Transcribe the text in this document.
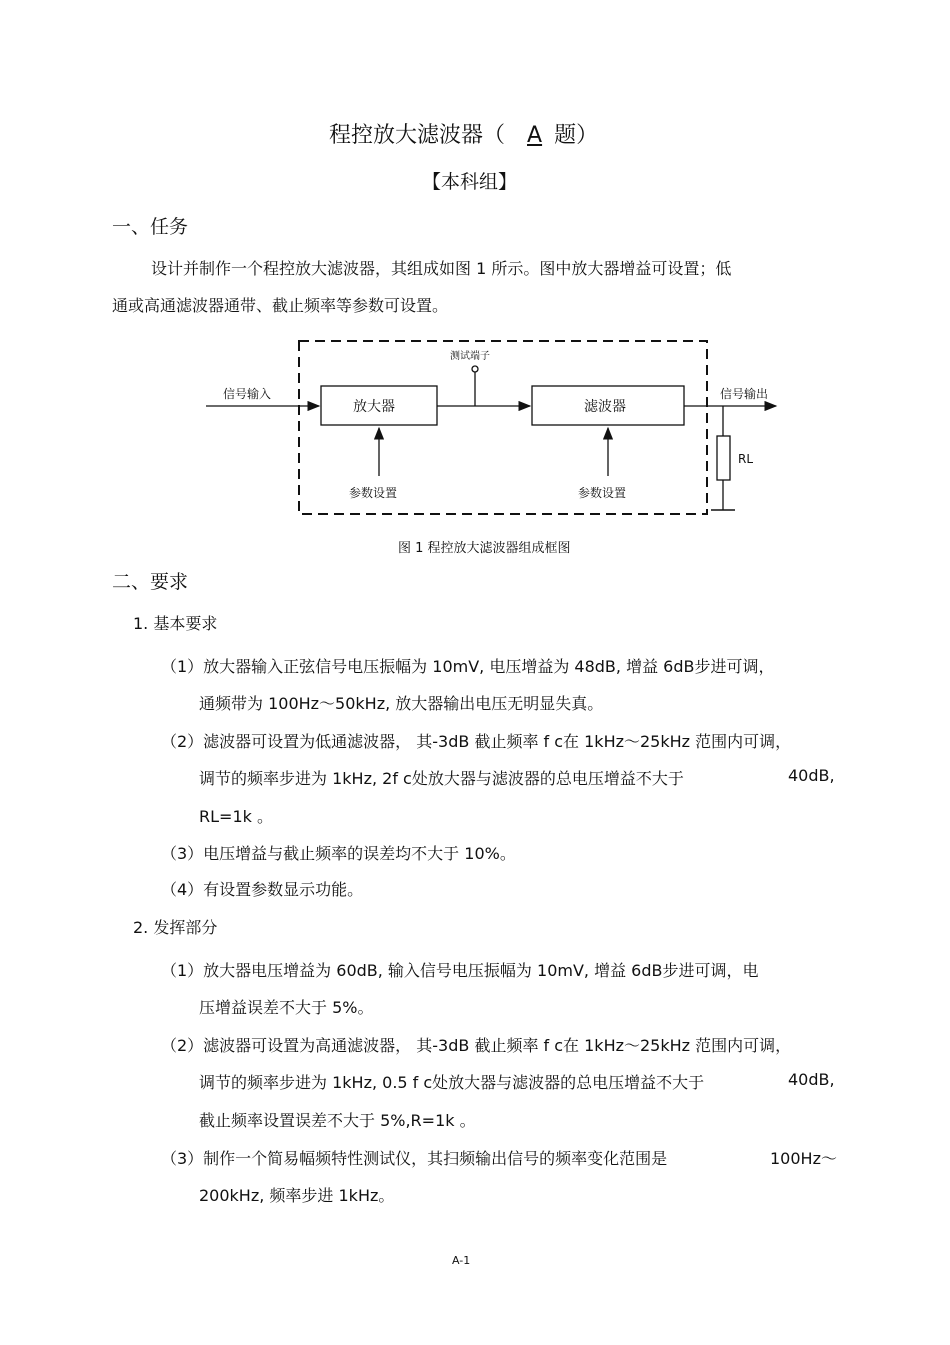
程控放大滤波器（ A 题）
【本科组】
一、任务
设计并制作一个程控放大滤波器，其组成如图 1 所示。图中放大器增益可设置；低
通或高通滤波器通带、截止频率等参数可设置。
测试端子
信号输入	信号输出
放大器	滤波器
RL
参数设置	参数设置
图 1 程控放大滤波器组成框图
二、要求
1. 基本要求
（1）放大器输入正弦信号电压振幅为 10mV, 电压增益为 48dB, 增益 6dB步进可调，
通频带为 100Hz～50kHz, 放大器输出电压无明显失真。
（2）滤波器可设置为低通滤波器， 其-3dB 截止频率 f c在 1kHz～25kHz 范围内可调，
调节的频率步进为 1kHz, 2f c处放大器与滤波器的总电压增益不大于	40dB,
RL=1k 。
（3）电压增益与截止频率的误差均不大于 10%。
（4）有设置参数显示功能。
2. 发挥部分
（1）放大器电压增益为 60dB, 输入信号电压振幅为 10mV, 增益 6dB步进可调，电
压增益误差不大于 5%。
（2）滤波器可设置为高通滤波器， 其-3dB 截止频率 f c在 1kHz～25kHz 范围内可调，
调节的频率步进为 1kHz, 0.5 f c处放大器与滤波器的总电压增益不大于	40dB,
截止频率设置误差不大于 5%,R=1k 。
（3）制作一个简易幅频特性测试仪，其扫频输出信号的频率变化范围是	100Hz～
200kHz, 频率步进 1kHz。
A-1
